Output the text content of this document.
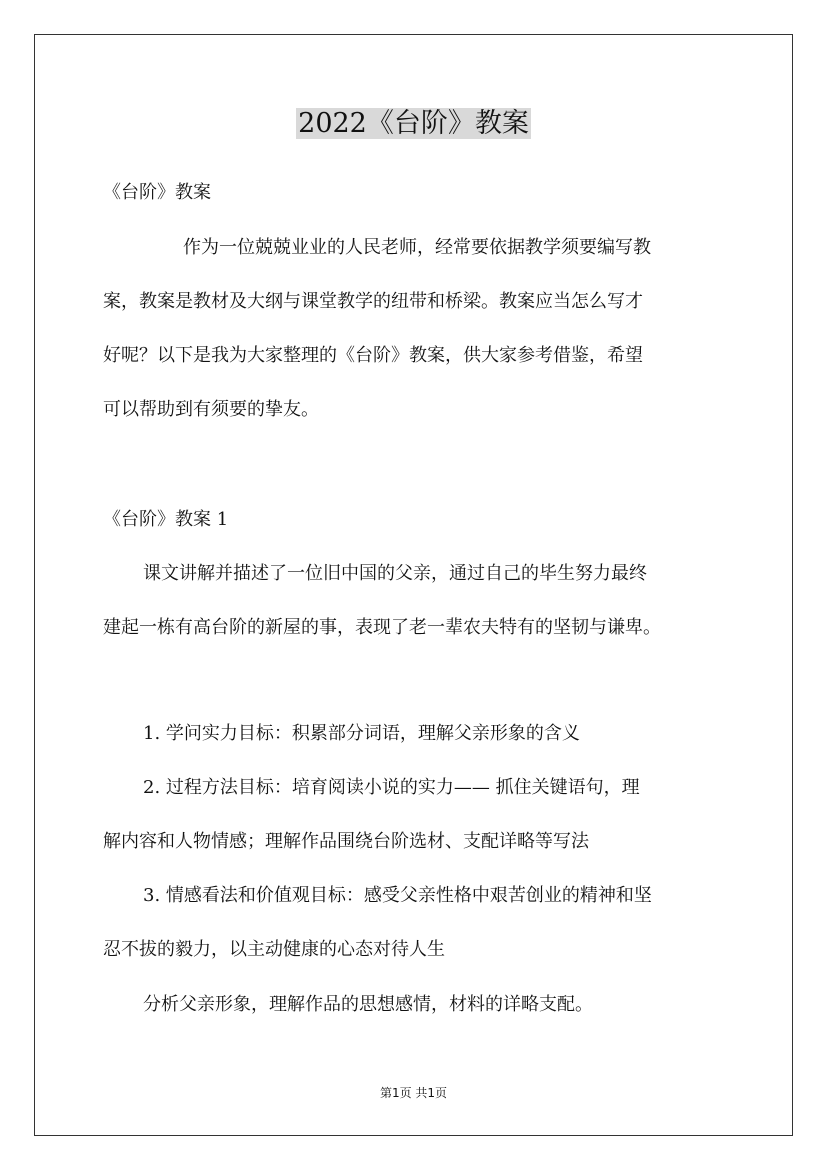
2022《台阶》教案
《台阶》教案
作为一位兢兢业业的人民老师，经常要依据教学须要编写教
案，教案是教材及大纲与课堂教学的纽带和桥梁。教案应当怎么写才
好呢？以下是我为大家整理的《台阶》教案，供大家参考借鉴，希望
可以帮助到有须要的挚友。
《台阶》教案 1
课文讲解并描述了一位旧中国的父亲，通过自己的毕生努力最终
建起一栋有高台阶的新屋的事，表现了老一辈农夫特有的坚韧与谦卑。
1. 学问实力目标：积累部分词语，理解父亲形象的含义
2. 过程方法目标：培育阅读小说的实力—— 抓住关键语句，理
解内容和人物情感；理解作品围绕台阶选材、支配详略等写法
3. 情感看法和价值观目标：感受父亲性格中艰苦创业的精神和坚
忍不拔的毅力，以主动健康的心态对待人生
分析父亲形象，理解作品的思想感情，材料的详略支配。
第1页 共1页
